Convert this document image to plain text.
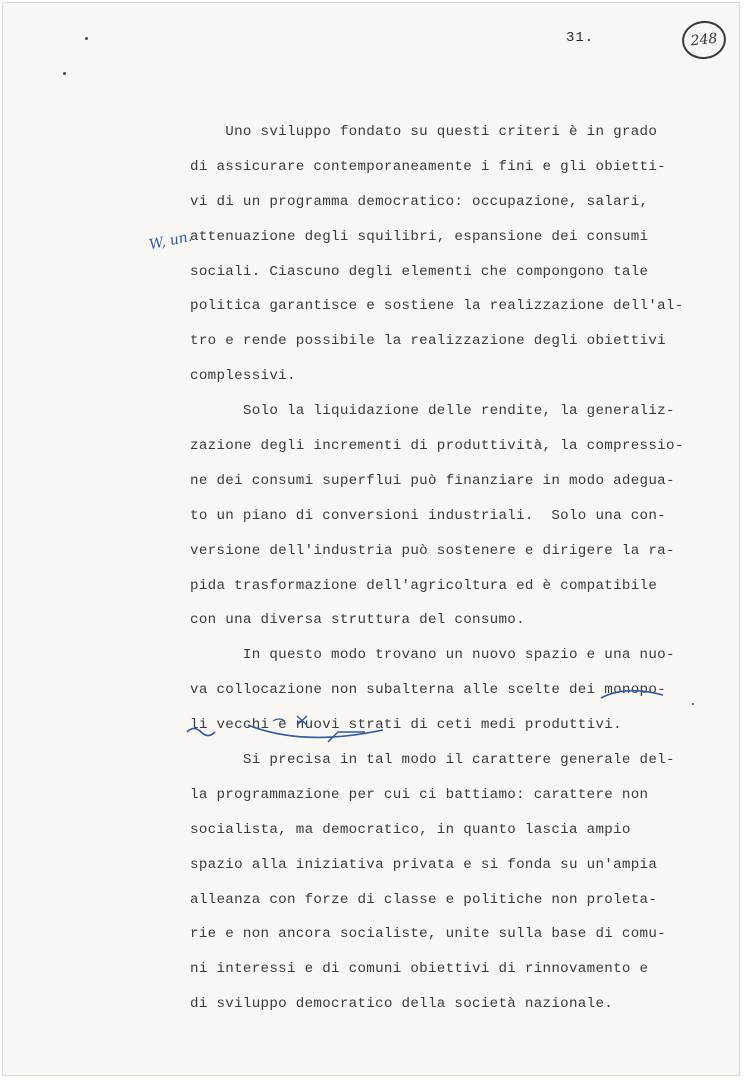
31.	248
W, un.
Uno sviluppo fondato su questi criteri è in grado
di assicurare contemporaneamente i fini e gli obietti-
vi di un programma democratico: occupazione, salari,
attenuazione degli squilibri, espansione dei consumi
sociali. Ciascuno degli elementi che compongono tale
politica garantisce e sostiene la realizzazione dell'al-
tro e rende possibile la realizzazione degli obiettivi
complessivi.
Solo la liquidazione delle rendite, la generaliz-
zazione degli incrementi di produttività, la compressio-
ne dei consumi superflui può finanziare in modo adegua-
to un piano di conversioni industriali.  Solo una con-
versione dell'industria può sostenere e dirigere la ra-
pida trasformazione dell'agricoltura ed è compatibile
con una diversa struttura del consumo.
In questo modo trovano un nuovo spazio e una nuo-
va collocazione non subalterna alle scelte dei monopo-
li vecchi e nuovi strati di ceti medi produttivi.
Si precisa in tal modo il carattere generale del-
la programmazione per cui ci battiamo: carattere non
socialista, ma democratico, in quanto lascia ampio
spazio alla iniziativa privata e si fonda su un'ampia
alleanza con forze di classe e politiche non proleta-
rie e non ancora socialiste, unite sulla base di comu-
ni interessi e di comuni obiettivi di rinnovamento e
di sviluppo democratico della società nazionale.
